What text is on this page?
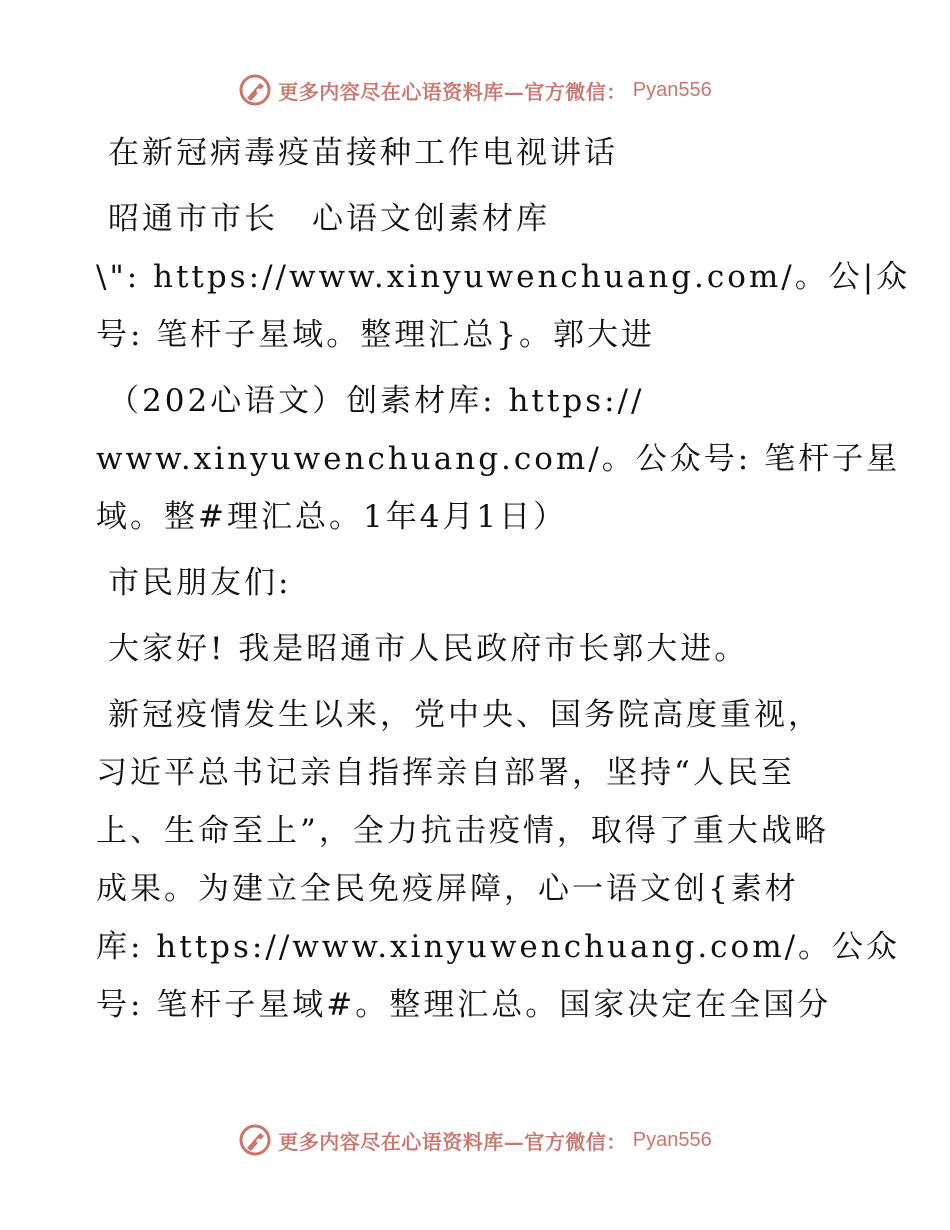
更多内容尽在心语资料库—官方微信： Pyan556
在新冠病毒疫苗接种工作电视讲话
昭通市市长　心语文创素材库
\": https://www.xinyuwenchuang.com/。公|众
号: 笔杆子星域。整理汇总}。郭大进
（202心语文）创素材库: https://
www.xinyuwenchuang.com/。公众号: 笔杆子星
域。整#理汇总。1年4月1日）
市民朋友们:
大家好! 我是昭通市人民政府市长郭大进。
新冠疫情发生以来，党中央、国务院高度重视，
习近平总书记亲自指挥亲自部署，坚持“人民至
上、生命至上”，全力抗击疫情，取得了重大战略
成果。为建立全民免疫屏障，心一语文创{素材
库: https://www.xinyuwenchuang.com/。公众
号: 笔杆子星域#。整理汇总。国家决定在全国分
更多内容尽在心语资料库—官方微信： Pyan556
